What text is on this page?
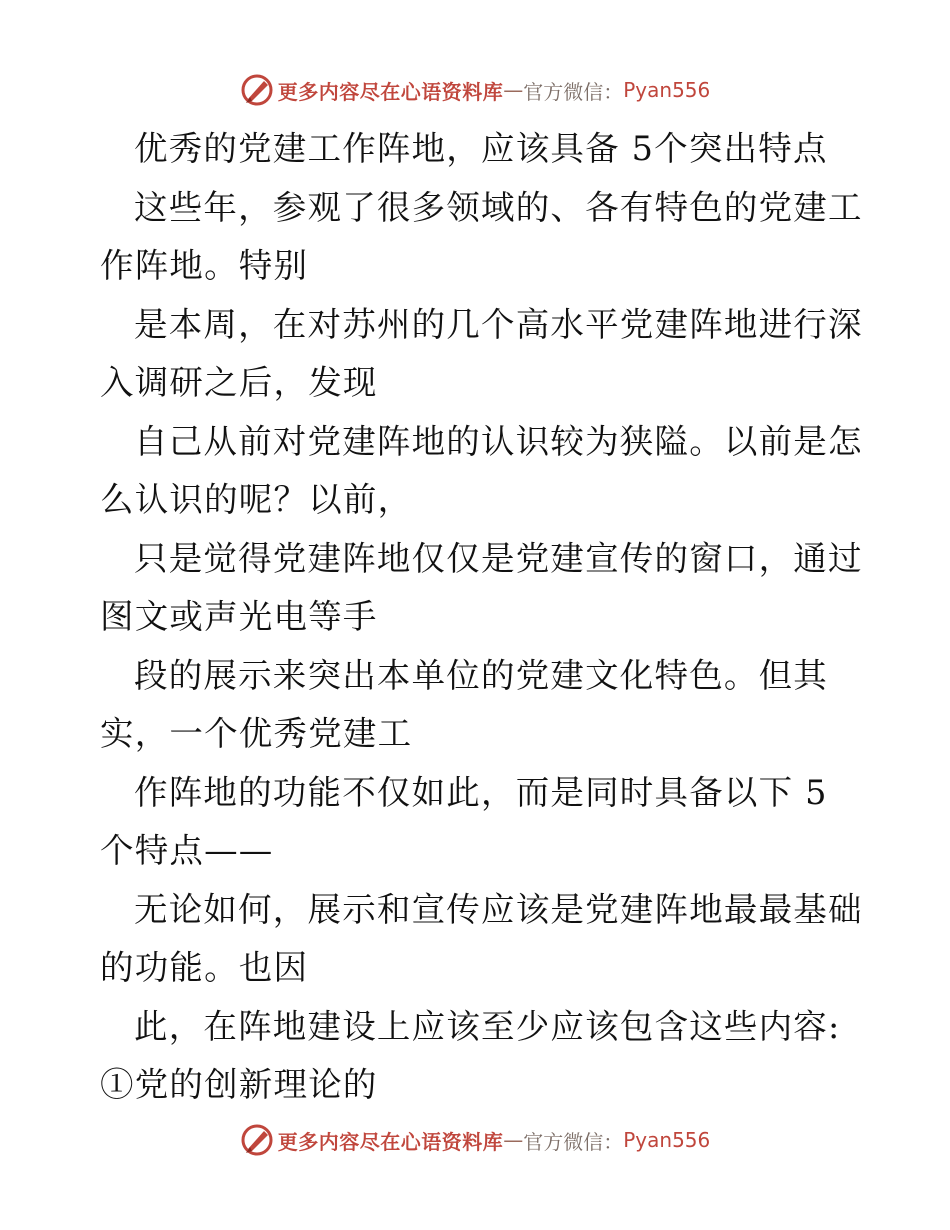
更多内容尽在心语资料库 — 官方微信： Pyan556
优秀的党建工作阵地，应该具备 5个突出特点
这些年，参观了很多领域的、各有特色的党建工
作阵地。特别
是本周，在对苏州的几个高水平党建阵地进行深
入调研之后，发现
自己从前对党建阵地的认识较为狭隘。以前是怎
么认识的呢？以前，
只是觉得党建阵地仅仅是党建宣传的窗口，通过
图文或声光电等手
段的展示来突出本单位的党建文化特色。但其
实，一个优秀党建工
作阵地的功能不仅如此，而是同时具备以下 5
个特点——
无论如何，展示和宣传应该是党建阵地最最基础
的功能。也因
此，在阵地建设上应该至少应该包含这些内容:
①党的创新理论的
更多内容尽在心语资料库 — 官方微信： Pyan556
